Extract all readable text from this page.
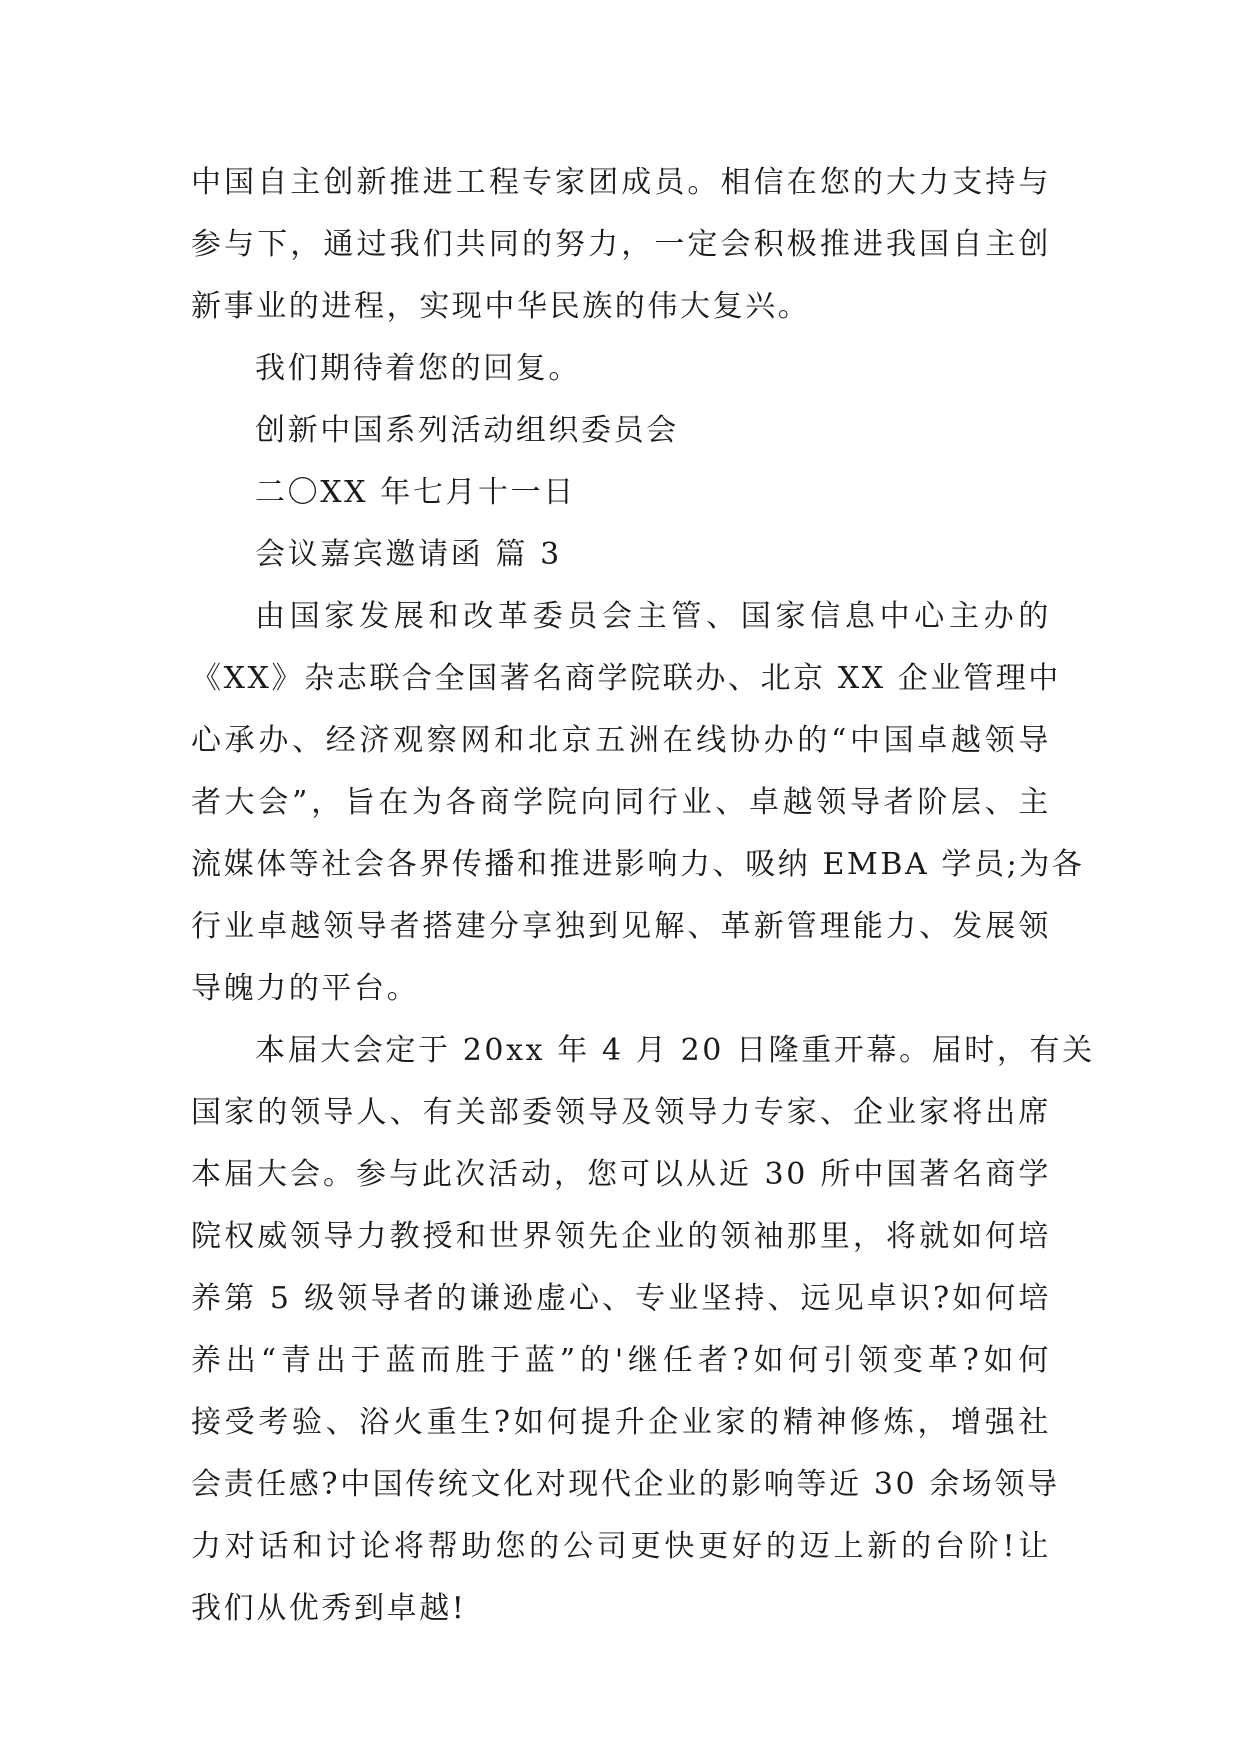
中国自主创新推进工程专家团成员。相信在您的大力支持与
参与下，通过我们共同的努力，一定会积极推进我国自主创
新事业的进程，实现中华民族的伟大复兴。
我们期待着您的回复。
创新中国系列活动组织委员会
二〇XX 年七月十一日
会议嘉宾邀请函 篇 3
由国家发展和改革委员会主管、国家信息中心主办的
《XX》杂志联合全国著名商学院联办、北京 XX 企业管理中
心承办、经济观察网和北京五洲在线协办的“中国卓越领导
者大会”，旨在为各商学院向同行业、卓越领导者阶层、主
流媒体等社会各界传播和推进影响力、吸纳 EMBA 学员;为各
行业卓越领导者搭建分享独到见解、革新管理能力、发展领
导魄力的平台。
本届大会定于 20xx 年 4 月 20 日隆重开幕。届时，有关
国家的领导人、有关部委领导及领导力专家、企业家将出席
本届大会。参与此次活动，您可以从近 30 所中国著名商学
院权威领导力教授和世界领先企业的领袖那里，将就如何培
养第 5 级领导者的谦逊虚心、专业坚持、远见卓识?如何培
养出“青出于蓝而胜于蓝”的'继任者?如何引领变革?如何
接受考验、浴火重生?如何提升企业家的精神修炼，增强社
会责任感?中国传统文化对现代企业的影响等近 30 余场领导
力对话和讨论将帮助您的公司更快更好的迈上新的台阶!让
我们从优秀到卓越!
